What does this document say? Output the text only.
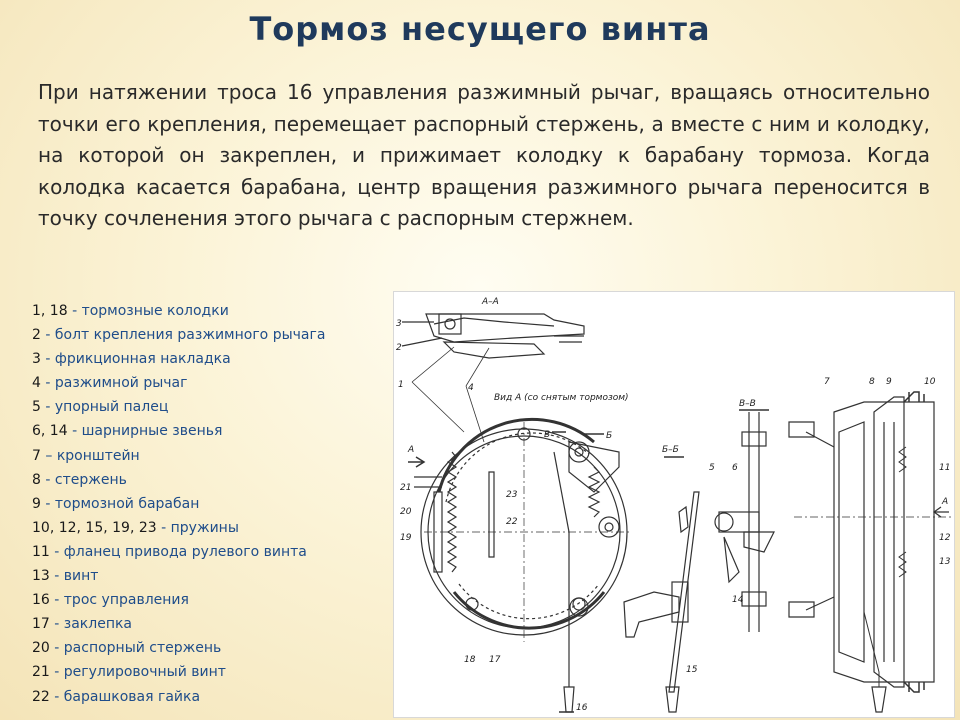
Тормоз несущего винта
При натяжении троса 16 управления разжимный рычаг, вращаясь относительно точки его крепления, перемещает распорный стержень, а вместе с ним и колодку, на которой он закреплен, и прижимает колодку к барабану тормоза. Когда колодка касается барабана, центр вращения разжимного рычага переносится в точку сочленения этого рычага с распорным стержнем.
1, 18 - тормозные колодки
2 - болт крепления разжимного рычага
3 - фрикционная накладка
4 - разжимной рычаг
5 - упорный палец
6, 14 - шарнирные звенья
7 – кронштейн
8 - стержень
9 - тормозной барабан
10, 12, 15, 19, 23 - пружины
11 - фланец привода рулевого винта
13 - винт
16 - трос управления
17 - заклепка
20 - распорный стержень
21 - регулировочный винт
22 - барашковая гайка
А–А
Вид А (со снятым тормозом)
В–В
Б–Б
А
Б
В
А
1
2
3
4
5 6
7	8 9	10
11
12
13
14
15
16
17
18
19
20
21
22
23
